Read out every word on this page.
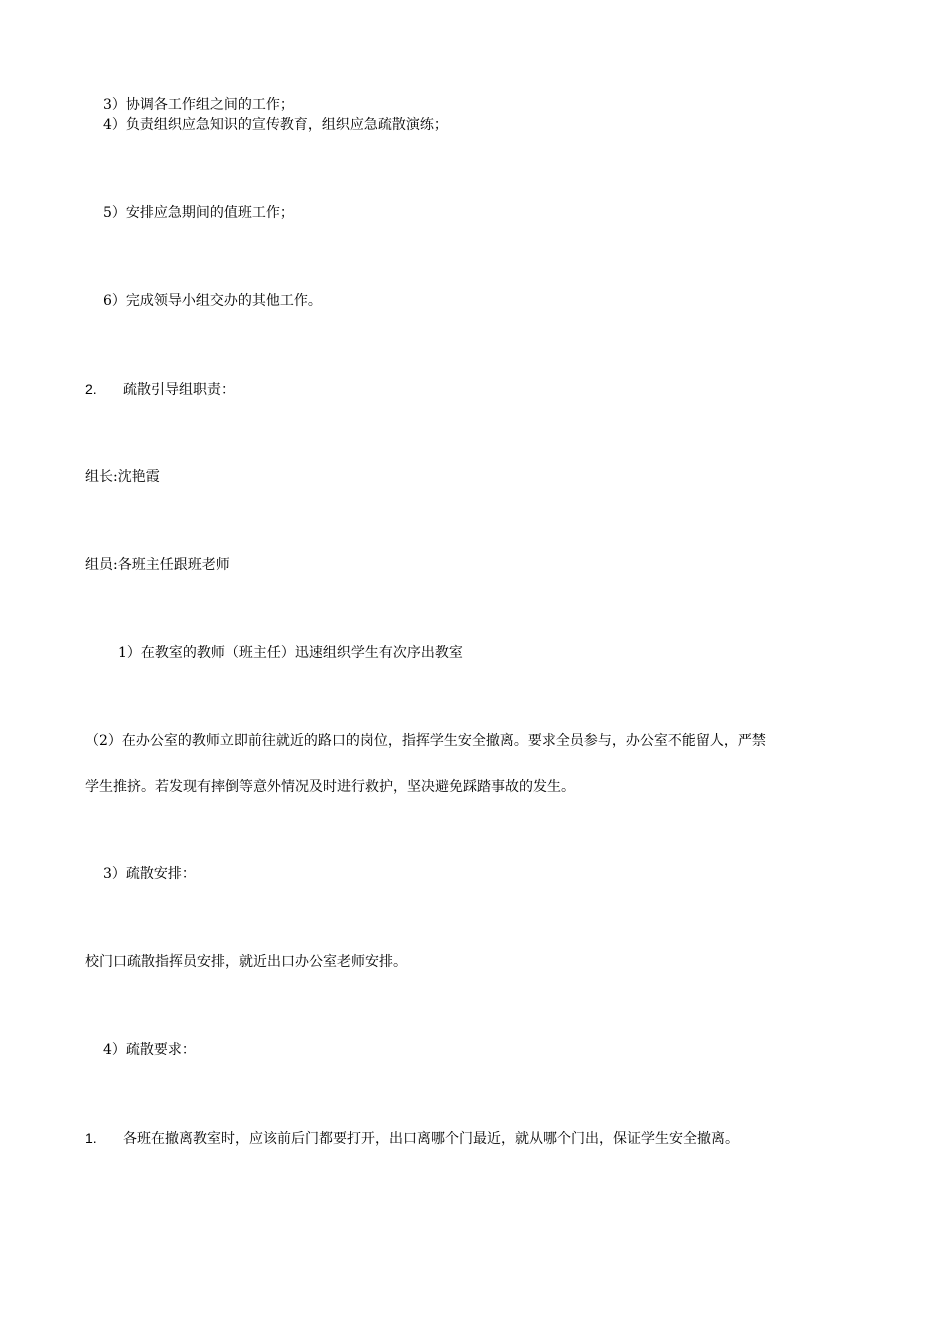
3）协调各工作组之间的工作；
4）负责组织应急知识的宣传教育，组织应急疏散演练；
5）安排应急期间的值班工作；
6）完成领导小组交办的其他工作。
2. 疏散引导组职责：
组长:沈艳霞
组员:各班主任跟班老师
1）在教室的教师（班主任）迅速组织学生有次序出教室
（2）在办公室的教师立即前往就近的路口的岗位，指挥学生安全撤离。要求全员参与，办公室不能留人，严禁
学生推挤。若发现有摔倒等意外情况及时进行救护，坚决避免踩踏事故的发生。
3）疏散安排：
校门口疏散指挥员安排，就近出口办公室老师安排。
4）疏散要求：
1. 各班在撤离教室时，应该前后门都要打开，出口离哪个门最近，就从哪个门出，保证学生安全撤离。
